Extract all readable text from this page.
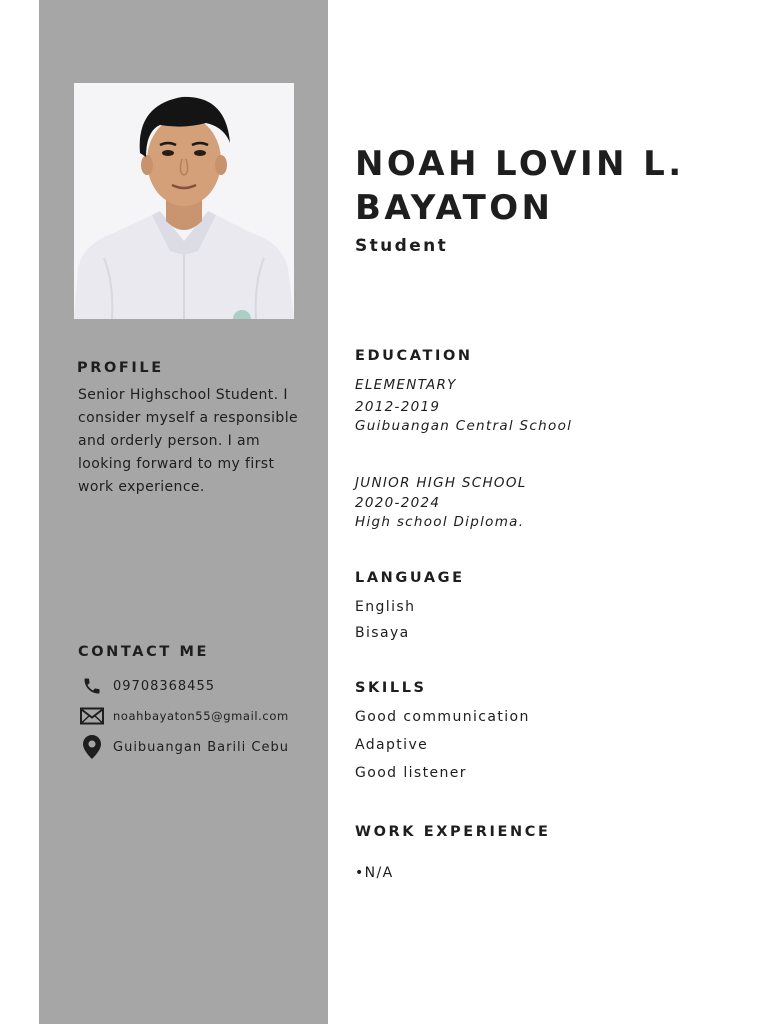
PROFILE
Senior Highschool Student. I consider myself a responsible and orderly person. I am looking forward to my first work experience.
CONTACT ME
09708368455
noahbayaton55@gmail.com
Guibuangan Barili Cebu
NOAH LOVIN L. BAYATON
Student
EDUCATION
ELEMENTARY
2012-2019
Guibuangan Central School
JUNIOR HIGH SCHOOL
2020-2024
High school Diploma.
LANGUAGE
English
Bisaya
SKILLS
Good communication
Adaptive
Good listener
WORK EXPERIENCE
•N/A
